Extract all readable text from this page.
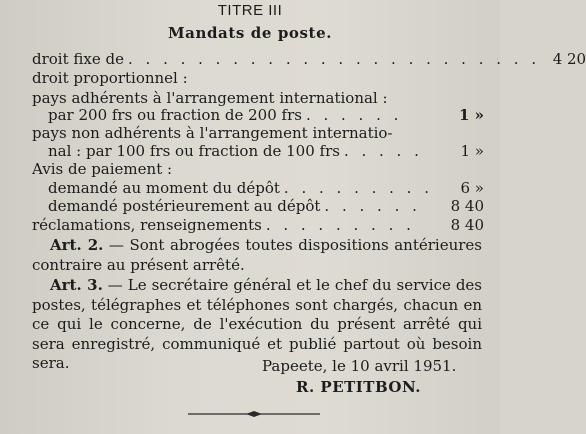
TITRE III
Mandats de poste.
droit fixe de . . . . . . . . . . . . . . . . . . . . . . . . 4 20
droit proportionnel :
pays adhérents à l'arrangement international :
par 200 frs ou fraction de 200 frs . . . . . .	1 »
pays non adhérents à l'arrangement internatio-
nal : par 100 frs ou fraction de 100 frs . . . . .	1 »
Avis de paiement :
demandé au moment du dépôt . . . . . . . . .	6 »
demandé postérieurement au dépôt . . . . . .	8 40
réclamations, renseignements . . . . . . . . .	8 40
Art. 2. — Sont abrogées toutes dispositions antérieures contraire au présent arrêté.
Art. 3. — Le secrétaire général et le chef du service des postes, télégraphes et téléphones sont chargés, chacun en ce qui le concerne, de l'exécution du présent arrêté qui sera enregistré, communiqué et publié partout où besoin sera.	Papeete, le 10 avril 1951.
R. PETITBON.
